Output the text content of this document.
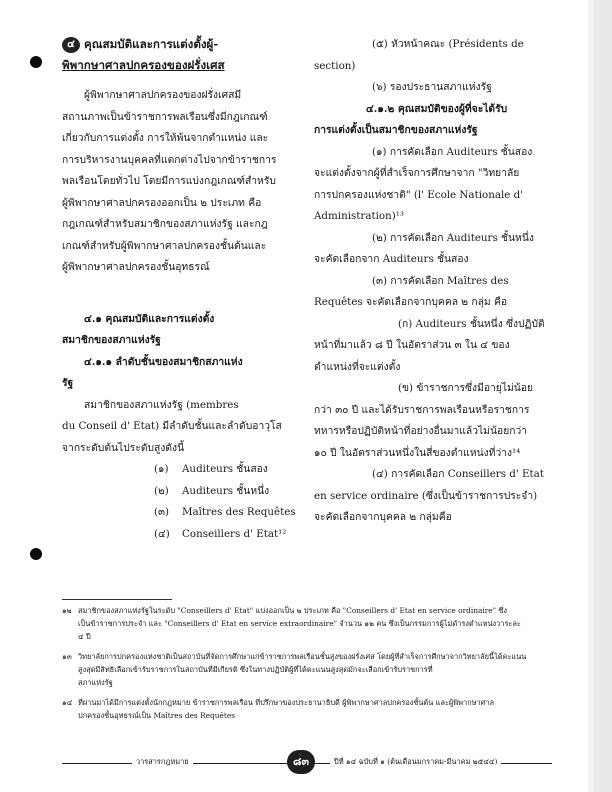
๔ คุณสมบัติและการแต่งตั้งผู้-

พิพากษาศาลปกครองของฝรั่งเศส

ผู้พิพากษาศาลปกครองของฝรั่งเศสมี

สถานภาพเป็นข้าราชการพลเรือนซึ่งมีกฎเกณฑ์

เกี่ยวกับการแต่งตั้ง การให้พ้นจากตำแหน่ง และ

การบริหารงานบุคคลที่แตกต่างไปจากข้าราชการ

พลเรือนโดยทั่วไป โดยมีการแบ่งกฎเกณฑ์สำหรับ

ผู้พิพากษาศาลปกครองออกเป็น ๒ ประเภท คือ

กฎเกณฑ์สำหรับสมาชิกของสภาแห่งรัฐ และกฎ

เกณฑ์สำหรับผู้พิพากษาศาลปกครองชั้นต้นและ

ผู้พิพากษาศาลปกครองชั้นอุทธรณ์

๔.๑ คุณสมบัติและการแต่งตั้ง

สมาชิกของสภาแห่งรัฐ

๔.๑.๑ ลำดับชั้นของสมาชิกสภาแห่ง

รัฐ

สมาชิกของสภาแห่งรัฐ (membres

du Conseil d' Etat) มีลำดับชั้นและลำดับอาวุโส

จากระดับต้นไประดับสูงดังนี้

(๑) Auditeurs ชั้นสอง

(๒) Auditeurs ชั้นหนึ่ง

(๓) Maîtres des Requêtes

(๔) Conseillers d' Etat¹²

(๕) หัวหน้าคณะ (Présidents de

section)

(๖) รองประธานสภาแห่งรัฐ

๔.๑.๒ คุณสมบัติของผู้ที่จะได้รับ

การแต่งตั้งเป็นสมาชิกของสภาแห่งรัฐ

(๑) การคัดเลือก Auditeurs ชั้นสอง

จะแต่งตั้งจากผู้ที่สำเร็จการศึกษาจาก "วิทยาลัย

การปกครองแห่งชาติ" (l' Ecole Nationale d'

Administration)¹³

(๒) การคัดเลือก Auditeurs ชั้นหนึ่ง

จะคัดเลือกจาก Auditeurs ชั้นสอง

(๓) การคัดเลือก Maîtres des

Requêtes จะคัดเลือกจากบุคคล ๒ กลุ่ม คือ

(ก) Auditeurs ชั้นหนึ่ง ซึ่งปฏิบัติ

หน้าที่มาแล้ว ๘ ปี ในอัตราส่วน ๓ ใน ๔ ของ

ตำแหน่งที่จะแต่งตั้ง

(ข) ข้าราชการซึ่งมีอายุไม่น้อย

กว่า ๓๐ ปี และได้รับราชการพลเรือนหรือราชการ

ทหารหรือปฏิบัติหน้าที่อย่างอื่นมาแล้วไม่น้อยกว่า

๑๐ ปี ในอัตราส่วนหนึ่งในสี่ของตำแหน่งที่ว่าง¹⁴

(๔) การคัดเลือก Conseillers d' Etat

en service ordinaire (ซึ่งเป็นข้าราชการประจำ)

จะคัดเลือกจากบุคคล ๒ กลุ่มคือ

๑๒ สมาชิกของสภาแห่งรัฐในระดับ "Conseillers d' Etat" แบ่งออกเป็น ๒ ประเภท คือ "Conseillers d' Etat en service ordinaire" ซึ่ง

เป็นข้าราชการประจำ และ "Conseillers d' Etat en service extraordinaire" จำนวน ๑๒ คน ซึ่งเป็นกรรมการผู้ไม่ดำรงตำแหน่งวาระละ

๔ ปี

๑๓ วิทยาลัยการปกครองแห่งชาติเป็นสถาบันที่จัดการศึกษาแก่ข้าราชการพลเรือนชั้นสูงของฝรั่งเศส โดยผู้ที่สำเร็จการศึกษาจากวิทยาลัยนี้ได้คะแนน

สูงสุดมีสิทธิเลือกเข้ารับราชการในสถาบันที่มีเกียรติ ซึ่งในทางปฏิบัติผู้ที่ได้คะแนนสูงสุดมักจะเลือกเข้ารับราชการที่

สภาแห่งรัฐ

๑๔ ที่ผ่านมาได้มีการแต่งตั้งนักกฎหมาย ข้าราชการพลเรือน ที่ปรึกษาของประธานาธิบดี ผู้พิพากษาศาลปกครองชั้นต้น และผู้พิพากษาศาล

ปกครองชั้นอุทธรณ์เป็น Maîtres des Requêtes

วารสารกฎหมาย	๘๓	ปีที่ ๑๔ ฉบับที่ ๑ (ต้นเดือนมกราคม-มีนาคม ๒๕๔๔)
